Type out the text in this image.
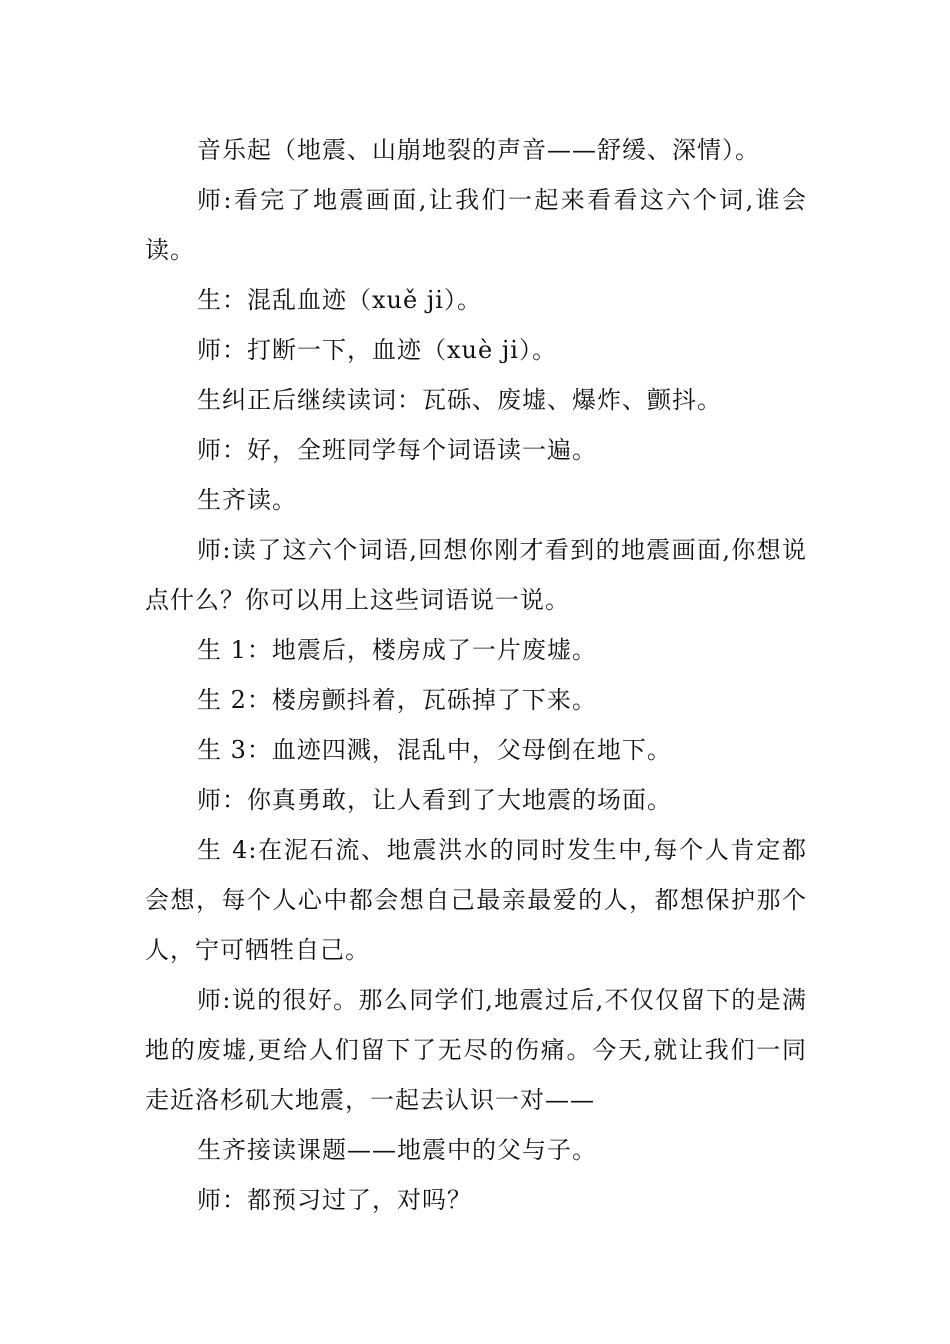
音乐起（地震、山崩地裂的声音——舒缓、深情）。

师:看完了地震画面,让我们一起来看看这六个词,谁会读。

生：混乱血迹（xuě ji）。

师：打断一下，血迹（xuè ji）。

生纠正后继续读词：瓦砾、废墟、爆炸、颤抖。

师：好，全班同学每个词语读一遍。

生齐读。

师:读了这六个词语,回想你刚才看到的地震画面,你想说点什么？你可以用上这些词语说一说。

生 1：地震后，楼房成了一片废墟。

生 2：楼房颤抖着，瓦砾掉了下来。

生 3：血迹四溅，混乱中，父母倒在地下。

师：你真勇敢，让人看到了大地震的场面。

生 4:在泥石流、地震洪水的同时发生中,每个人肯定都会想，每个人心中都会想自己最亲最爱的人，都想保护那个人，宁可牺牲自己。

师:说的很好。那么同学们,地震过后,不仅仅留下的是满地的废墟,更给人们留下了无尽的伤痛。今天,就让我们一同走近洛杉矶大地震，一起去认识一对——

生齐接读课题——地震中的父与子。

师：都预习过了，对吗？
